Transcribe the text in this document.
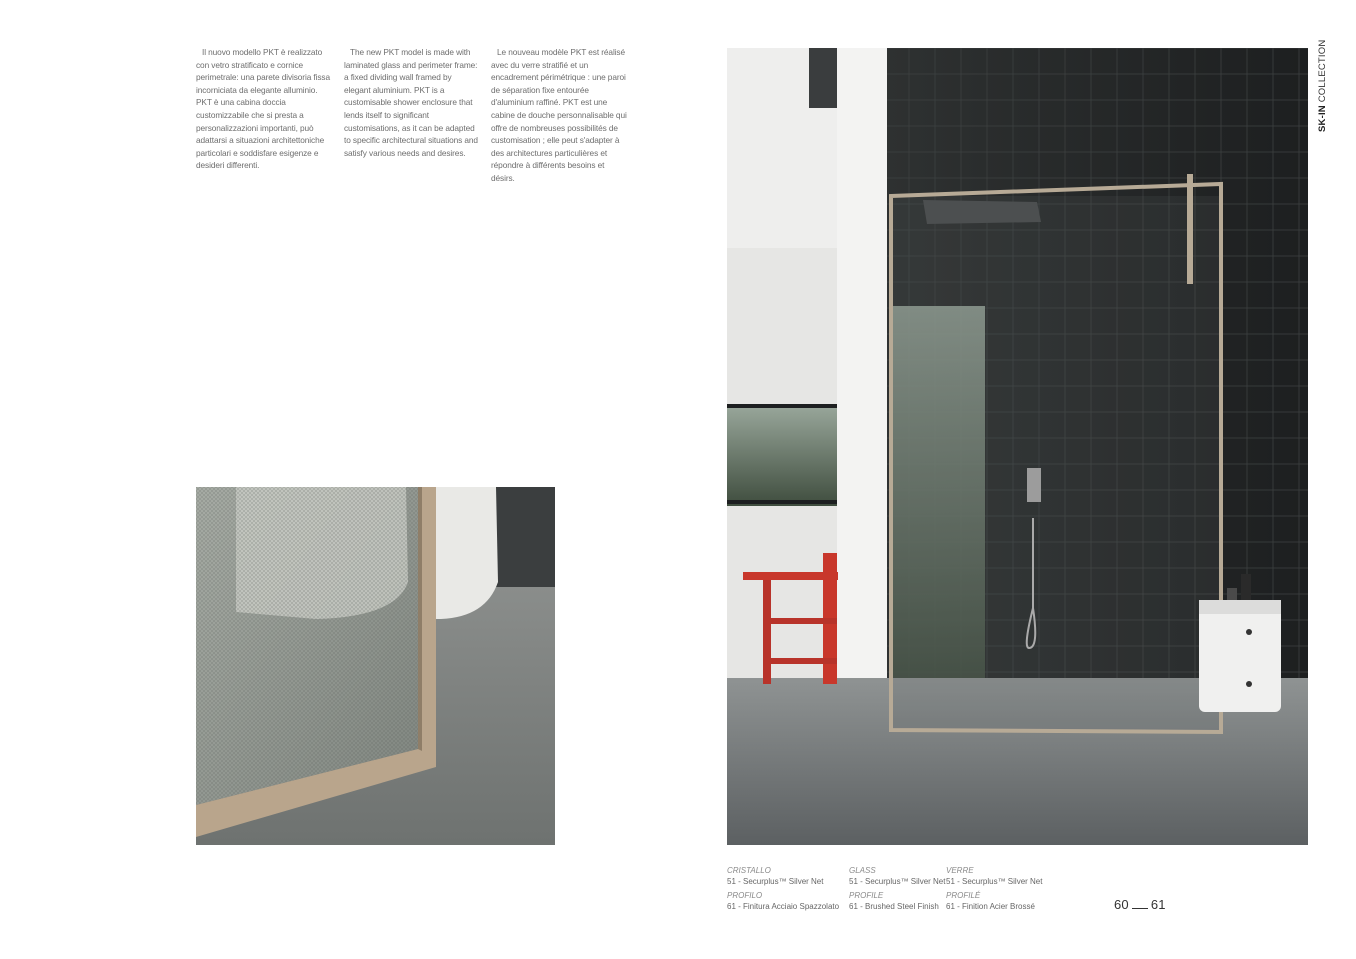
Il nuovo modello PKT è realizzato con vetro stratificato e cornice perimetrale: una parete divisoria fissa incorniciata da elegante alluminio. PKT è una cabina doccia customizzabile che si presta a personalizzazioni importanti, può adattarsi a situazioni architettoniche particolari e soddisfare esigenze e desideri differenti.

The new PKT model is made with laminated glass and perimeter frame: a fixed dividing wall framed by elegant aluminium. PKT is a customisable shower enclosure that lends itself to significant customisations, as it can be adapted to specific architectural situations and satisfy various needs and desires.

Le nouveau modèle PKT est réalisé avec du verre stratifié et un encadrement périmétrique : une paroi de séparation fixe entourée d'aluminium raffiné. PKT est une cabine de douche personnalisable qui offre de nombreuses possibilités de customisation ; elle peut s'adapter à des architectures particulières et répondre à différents besoins et désirs.

SK-IN COLLECTION
CRISTALLO
51 - Securplus™ Silver Net
PROFILO
61 - Finitura Acciaio Spazzolato
GLASS
51 - Securplus™ Silver Net
PROFILE
61 - Brushed Steel Finish
VERRE
51 - Securplus™ Silver Net
PROFILÉ
61 - Finition Acier Brossé	60 61
